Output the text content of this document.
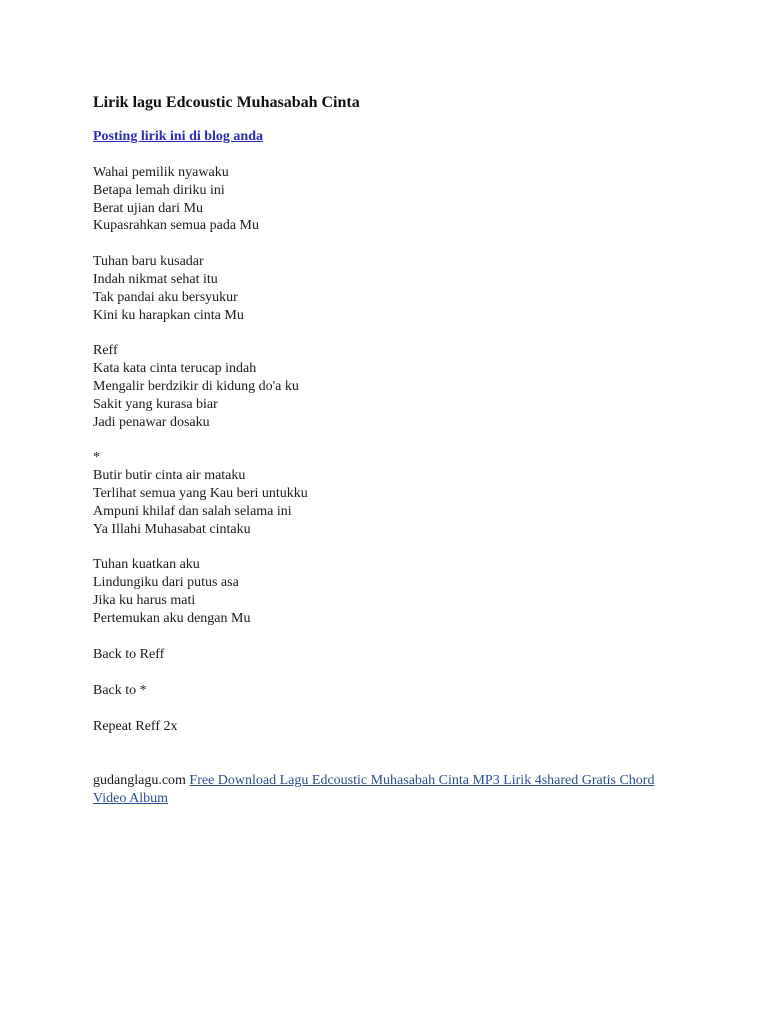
Lirik lagu Edcoustic Muhasabah Cinta
Posting lirik ini di blog anda
Wahai pemilik nyawaku
Betapa lemah diriku ini
Berat ujian dari Mu
Kupasrahkan semua pada Mu
Tuhan baru kusadar
Indah nikmat sehat itu
Tak pandai aku bersyukur
Kini ku harapkan cinta Mu
Reff
Kata kata cinta terucap indah
Mengalir berdzikir di kidung do'a ku
Sakit yang kurasa biar
Jadi penawar dosaku
*
Butir butir cinta air mataku
Terlihat semua yang Kau beri untukku
Ampuni khilaf dan salah selama ini
Ya Illahi Muhasabat cintaku
Tuhan kuatkan aku
Lindungiku dari putus asa
Jika ku harus mati
Pertemukan aku dengan Mu
Back to Reff
Back to *
Repeat Reff 2x
gudanglagu.com Free Download Lagu Edcoustic Muhasabah Cinta MP3 Lirik 4shared Gratis Chord Video Album
